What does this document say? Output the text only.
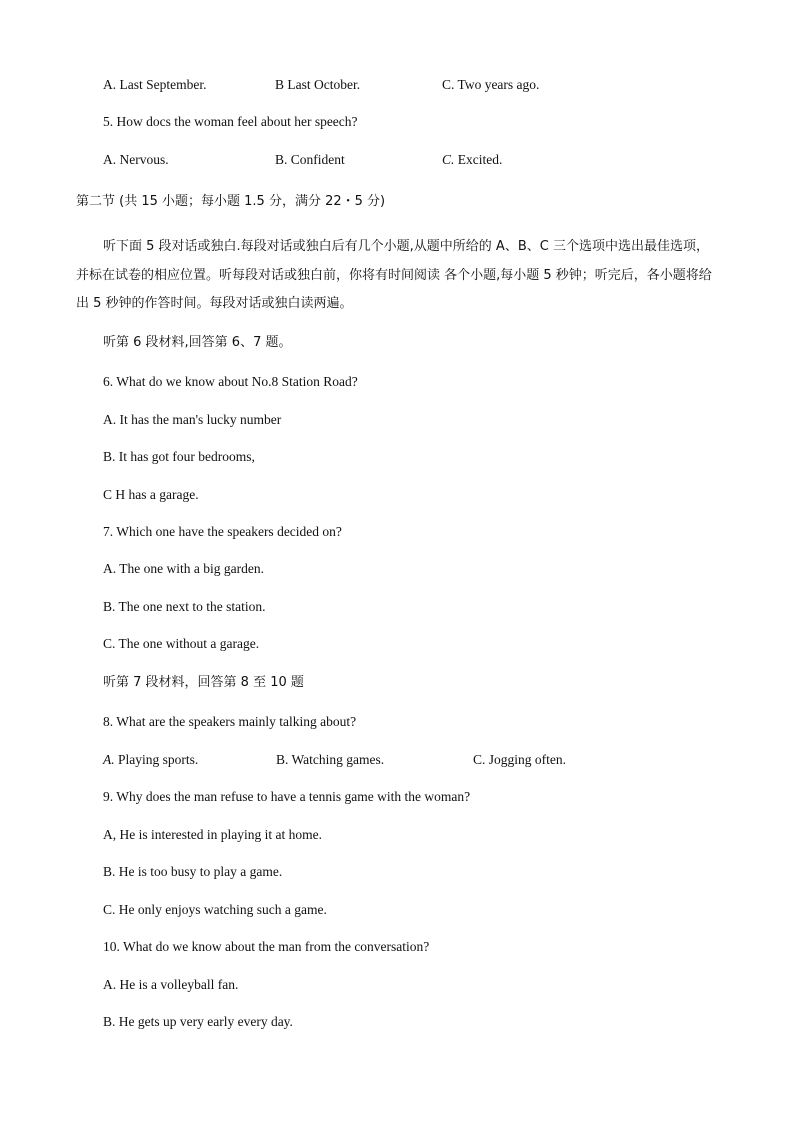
A. Last September.	B Last October.	C. Two years ago.
5. How docs the woman feel about her speech?
A. Nervous.	B. Confident	C. Excited.
第二节 (共 15 小题；每小题 1.5 分，满分 22・5 分)
听下面 5 段对话或独白.每段对话或独白后有几个小题,从题中所给的 A、B、C 三个选项中选出最佳选项，并标在试卷的相应位置。听每段对话或独白前，你将有时间阅读 各个小题,每小题 5 秒钟；听完后，各小题将给出 5 秒钟的作答时间。每段对话或独白读两遍。
听第 6 段材料,回答第 6、7 题。
6. What do we know about No.8 Station Road?
A. It has the man's lucky number
B. It has got four bedrooms,
C H has a garage.
7. Which one have the speakers decided on?
A. The one with a big garden.
B. The one next to the station.
C. The one without a garage.
听第 7 段材料，回答第 8 至 10 题
8. What are the speakers mainly talking about?
A. Playing sports.	B. Watching games.	C. Jogging often.
9. Why does the man refuse to have a tennis game with the woman?
A, He is interested in playing it at home.
B. He is too busy to play a game.
C. He only enjoys watching such a game.
10. What do we know about the man from the conversation?
A. He is a volleyball fan.
B. He gets up very early every day.
